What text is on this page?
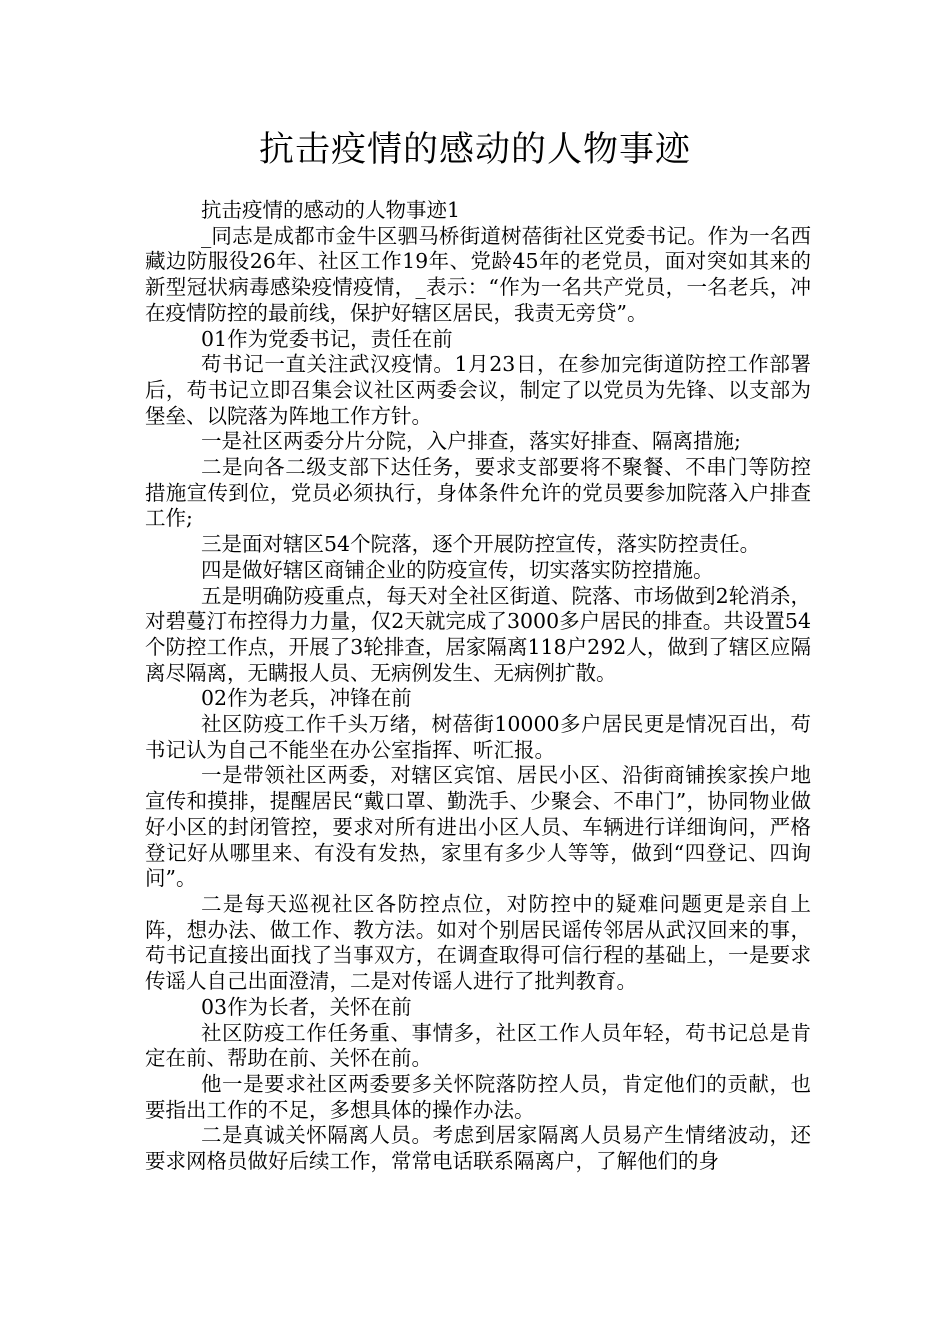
抗击疫情的感动的人物事迹

抗击疫情的感动的人物事迹1

_同志是成都市金牛区驷马桥街道树蓓街社区党委书记。作为一名西藏边防服役26年、社区工作19年、党龄45年的老党员，面对突如其来的新型冠状病毒感染疫情疫情，_表示：“作为一名共产党员，一名老兵，冲在疫情防控的最前线，保护好辖区居民，我责无旁贷”。

01作为党委书记，责任在前

苟书记一直关注武汉疫情。1月23日，在参加完街道防控工作部署后，苟书记立即召集会议社区两委会议，制定了以党员为先锋、以支部为堡垒、以院落为阵地工作方针。

一是社区两委分片分院，入户排查，落实好排查、隔离措施;

二是向各二级支部下达任务，要求支部要将不聚餐、不串门等防控措施宣传到位，党员必须执行，身体条件允许的党员要参加院落入户排查工作;

三是面对辖区54个院落，逐个开展防控宣传，落实防控责任。

四是做好辖区商铺企业的防疫宣传，切实落实防控措施。

五是明确防疫重点，每天对全社区街道、院落、市场做到2轮消杀，对碧蔓汀布控得力力量，仅2天就完成了3000多户居民的排查。共设置54个防控工作点，开展了3轮排查，居家隔离118户292人，做到了辖区应隔离尽隔离，无瞒报人员、无病例发生、无病例扩散。

02作为老兵，冲锋在前

社区防疫工作千头万绪，树蓓街10000多户居民更是情况百出，苟书记认为自己不能坐在办公室指挥、听汇报。

一是带领社区两委，对辖区宾馆、居民小区、沿街商铺挨家挨户地宣传和摸排，提醒居民“戴口罩、勤洗手、少聚会、不串门”，协同物业做好小区的封闭管控，要求对所有进出小区人员、车辆进行详细询问，严格登记好从哪里来、有没有发热，家里有多少人等等，做到“四登记、四询问”。

二是每天巡视社区各防控点位，对防控中的疑难问题更是亲自上阵，想办法、做工作、教方法。如对个别居民谣传邻居从武汉回来的事，苟书记直接出面找了当事双方，在调查取得可信行程的基础上，一是要求传谣人自己出面澄清，二是对传谣人进行了批判教育。

03作为长者，关怀在前

社区防疫工作任务重、事情多，社区工作人员年轻，苟书记总是肯定在前、帮助在前、关怀在前。

他一是要求社区两委要多关怀院落防控人员，肯定他们的贡献，也要指出工作的不足，多想具体的操作办法。

二是真诚关怀隔离人员。考虑到居家隔离人员易产生情绪波动，还要求网格员做好后续工作，常常电话联系隔离户，了解他们的身
